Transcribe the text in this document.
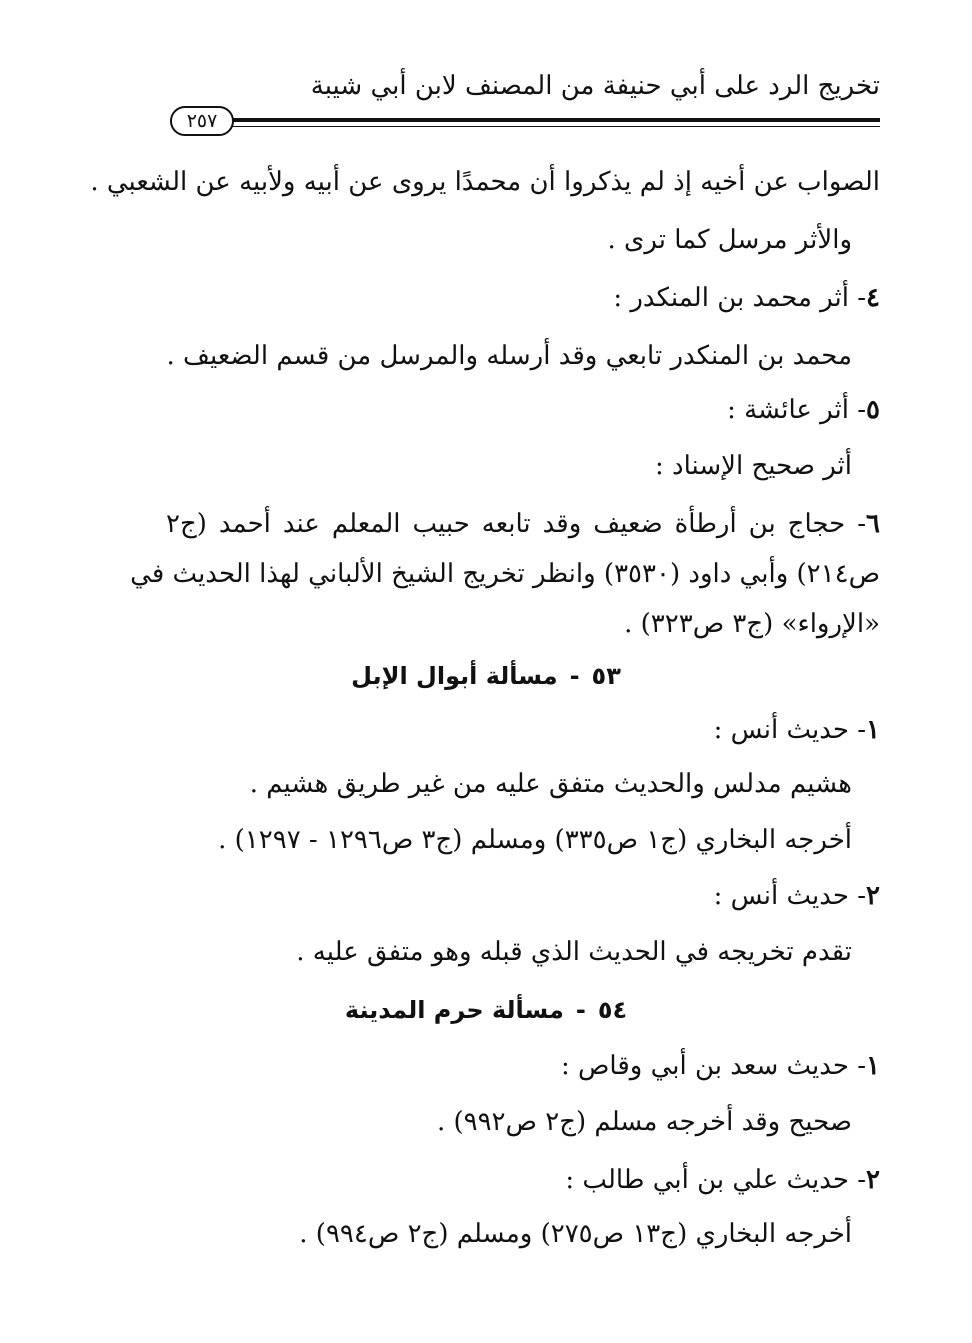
تخريج الرد على أبي حنيفة من المصنف لابن أبي شيبة
٢٥٧
الصواب عن أخيه إذ لم يذكروا أن محمدًا يروى عن أبيه ولأبيه عن الشعبي .
والأثر مرسل كما ترى .
٤- أثر محمد بن المنكدر :
محمد بن المنكدر تابعي وقد أرسله والمرسل من قسم الضعيف .
٥- أثر عائشة :
أثر صحيح الإسناد :
٦- حجاج بن أرطأة ضعيف وقد تابعه حبيب المعلم عند أحمد (ج٢
ص٢١٤) وأبي داود (٣٥٣٠) وانظر تخريج الشيخ الألباني لهذا الحديث في
«الإرواء» (ج٣ ص٣٢٣) .
٥٣-مسألة أبوال الإبل
١- حديث أنس :
هشيم مدلس والحديث متفق عليه من غير طريق هشيم .
أخرجه البخاري (ج١ ص٣٣٥) ومسلم (ج٣ ص١٢٩٦ - ١٢٩٧) .
٢- حديث أنس :
تقدم تخريجه في الحديث الذي قبله وهو متفق عليه .
٥٤-مسألة حرم المدينة
١- حديث سعد بن أبي وقاص :
صحيح وقد أخرجه مسلم (ج٢ ص٩٩٢) .
٢- حديث علي بن أبي طالب :
أخرجه البخاري (ج١٣ ص٢٧٥) ومسلم (ج٢ ص٩٩٤) .
